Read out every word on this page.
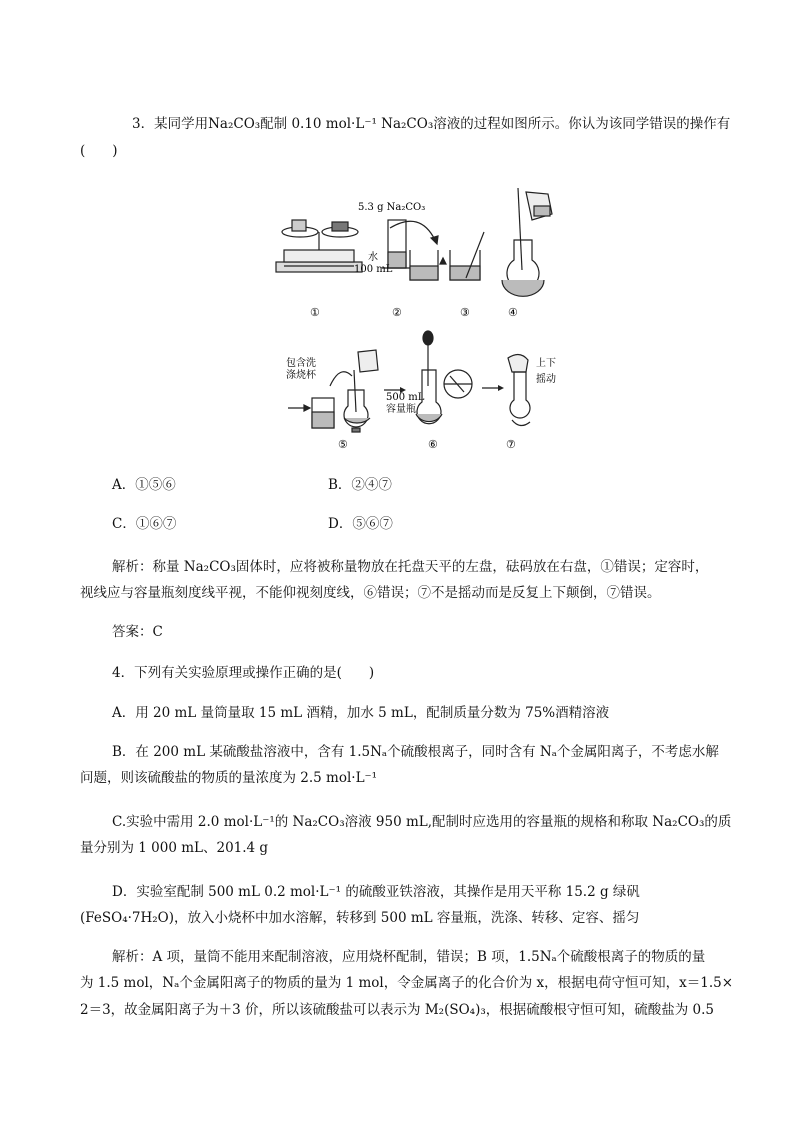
3．某同学用Na₂CO₃配制 0.10 mol·L⁻¹ Na₂CO₃溶液的过程如图所示。你认为该同学错误的操作有
(　　)
5.3 g Na₂CO₃
水
100 mL
①	②	③	④
包含洗
涤烧杯
500 mL
容量瓶
上下
摇动
⑤	⑥	⑦
A．①⑤⑥	B．②④⑦
C．①⑥⑦	D．⑤⑥⑦
解析：称量 Na₂CO₃固体时，应将被称量物放在托盘天平的左盘，砝码放在右盘，①错误；定容时，
视线应与容量瓶刻度线平视，不能仰视刻度线，⑥错误；⑦不是摇动而是反复上下颠倒，⑦错误。
答案：C
4．下列有关实验原理或操作正确的是(　　)
A．用 20 mL 量筒量取 15 mL 酒精，加水 5 mL，配制质量分数为 75%酒精溶液
B．在 200 mL 某硫酸盐溶液中，含有 1.5Nₐ个硫酸根离子，同时含有 Nₐ个金属阳离子，不考虑水解
问题，则该硫酸盐的物质的量浓度为 2.5 mol·L⁻¹
C.实验中需用 2.0 mol·L⁻¹的 Na₂CO₃溶液 950 mL,配制时应选用的容量瓶的规格和称取 Na₂CO₃的质
量分别为 1 000 mL、201.4 g
D．实验室配制 500 mL 0.2 mol·L⁻¹ 的硫酸亚铁溶液，其操作是用天平称 15.2 g 绿矾
(FeSO₄·7H₂O)，放入小烧杯中加水溶解，转移到 500 mL 容量瓶，洗涤、转移、定容、摇匀
解析：A 项，量筒不能用来配制溶液，应用烧杯配制，错误；B 项，1.5Nₐ个硫酸根离子的物质的量
为 1.5 mol，Nₐ个金属阳离子的物质的量为 1 mol，令金属离子的化合价为 x，根据电荷守恒可知，x＝1.5×
2＝3，故金属阳离子为＋3 价，所以该硫酸盐可以表示为 M₂(SO₄)₃，根据硫酸根守恒可知，硫酸盐为 0.5
